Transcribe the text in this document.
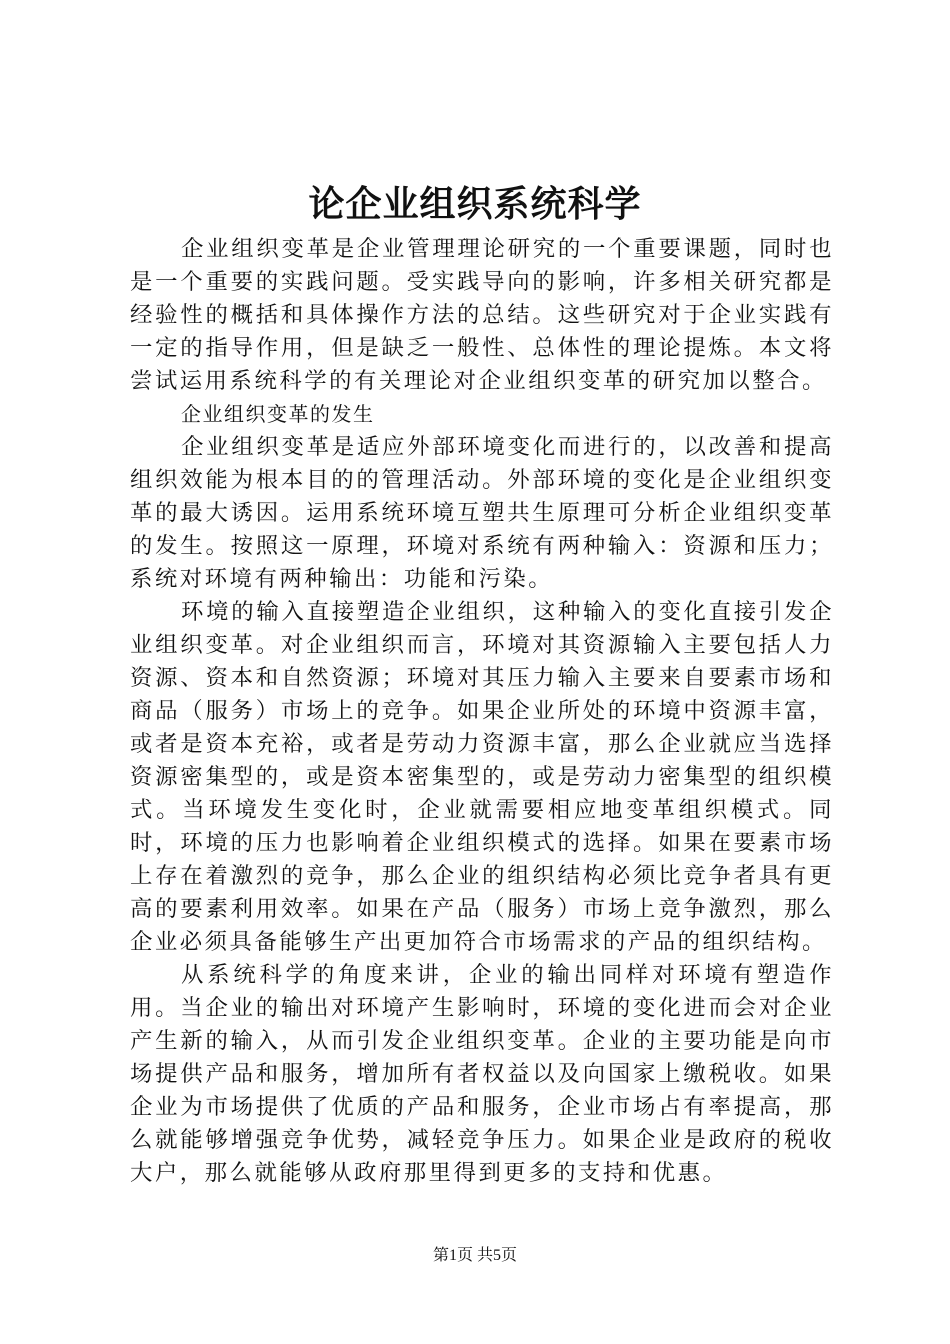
论企业组织系统科学

企业组织变革是企业管理理论研究的一个重要课题，同时也是一个重要的实践问题。受实践导向的影响，许多相关研究都是经验性的概括和具体操作方法的总结。这些研究对于企业实践有一定的指导作用，但是缺乏一般性、总体性的理论提炼。本文将尝试运用系统科学的有关理论对企业组织变革的研究加以整合。

企业组织变革的发生

企业组织变革是适应外部环境变化而进行的，以改善和提高组织效能为根本目的的管理活动。外部环境的变化是企业组织变革的最大诱因。运用系统环境互塑共生原理可分析企业组织变革的发生。按照这一原理，环境对系统有两种输入：资源和压力；系统对环境有两种输出：功能和污染。

环境的输入直接塑造企业组织，这种输入的变化直接引发企业组织变革。对企业组织而言，环境对其资源输入主要包括人力资源、资本和自然资源；环境对其压力输入主要来自要素市场和商品（服务）市场上的竞争。如果企业所处的环境中资源丰富，或者是资本充裕，或者是劳动力资源丰富，那么企业就应当选择资源密集型的，或是资本密集型的，或是劳动力密集型的组织模式。当环境发生变化时，企业就需要相应地变革组织模式。同时，环境的压力也影响着企业组织模式的选择。如果在要素市场上存在着激烈的竞争，那么企业的组织结构必须比竞争者具有更高的要素利用效率。如果在产品（服务）市场上竞争激烈，那么企业必须具备能够生产出更加符合市场需求的产品的组织结构。

从系统科学的角度来讲，企业的输出同样对环境有塑造作用。当企业的输出对环境产生影响时，环境的变化进而会对企业产生新的输入，从而引发企业组织变革。企业的主要功能是向市场提供产品和服务，增加所有者权益以及向国家上缴税收。如果企业为市场提供了优质的产品和服务，企业市场占有率提高，那么就能够增强竞争优势，减轻竞争压力。如果企业是政府的税收大户，那么就能够从政府那里得到更多的支持和优惠。

第1页 共5页
